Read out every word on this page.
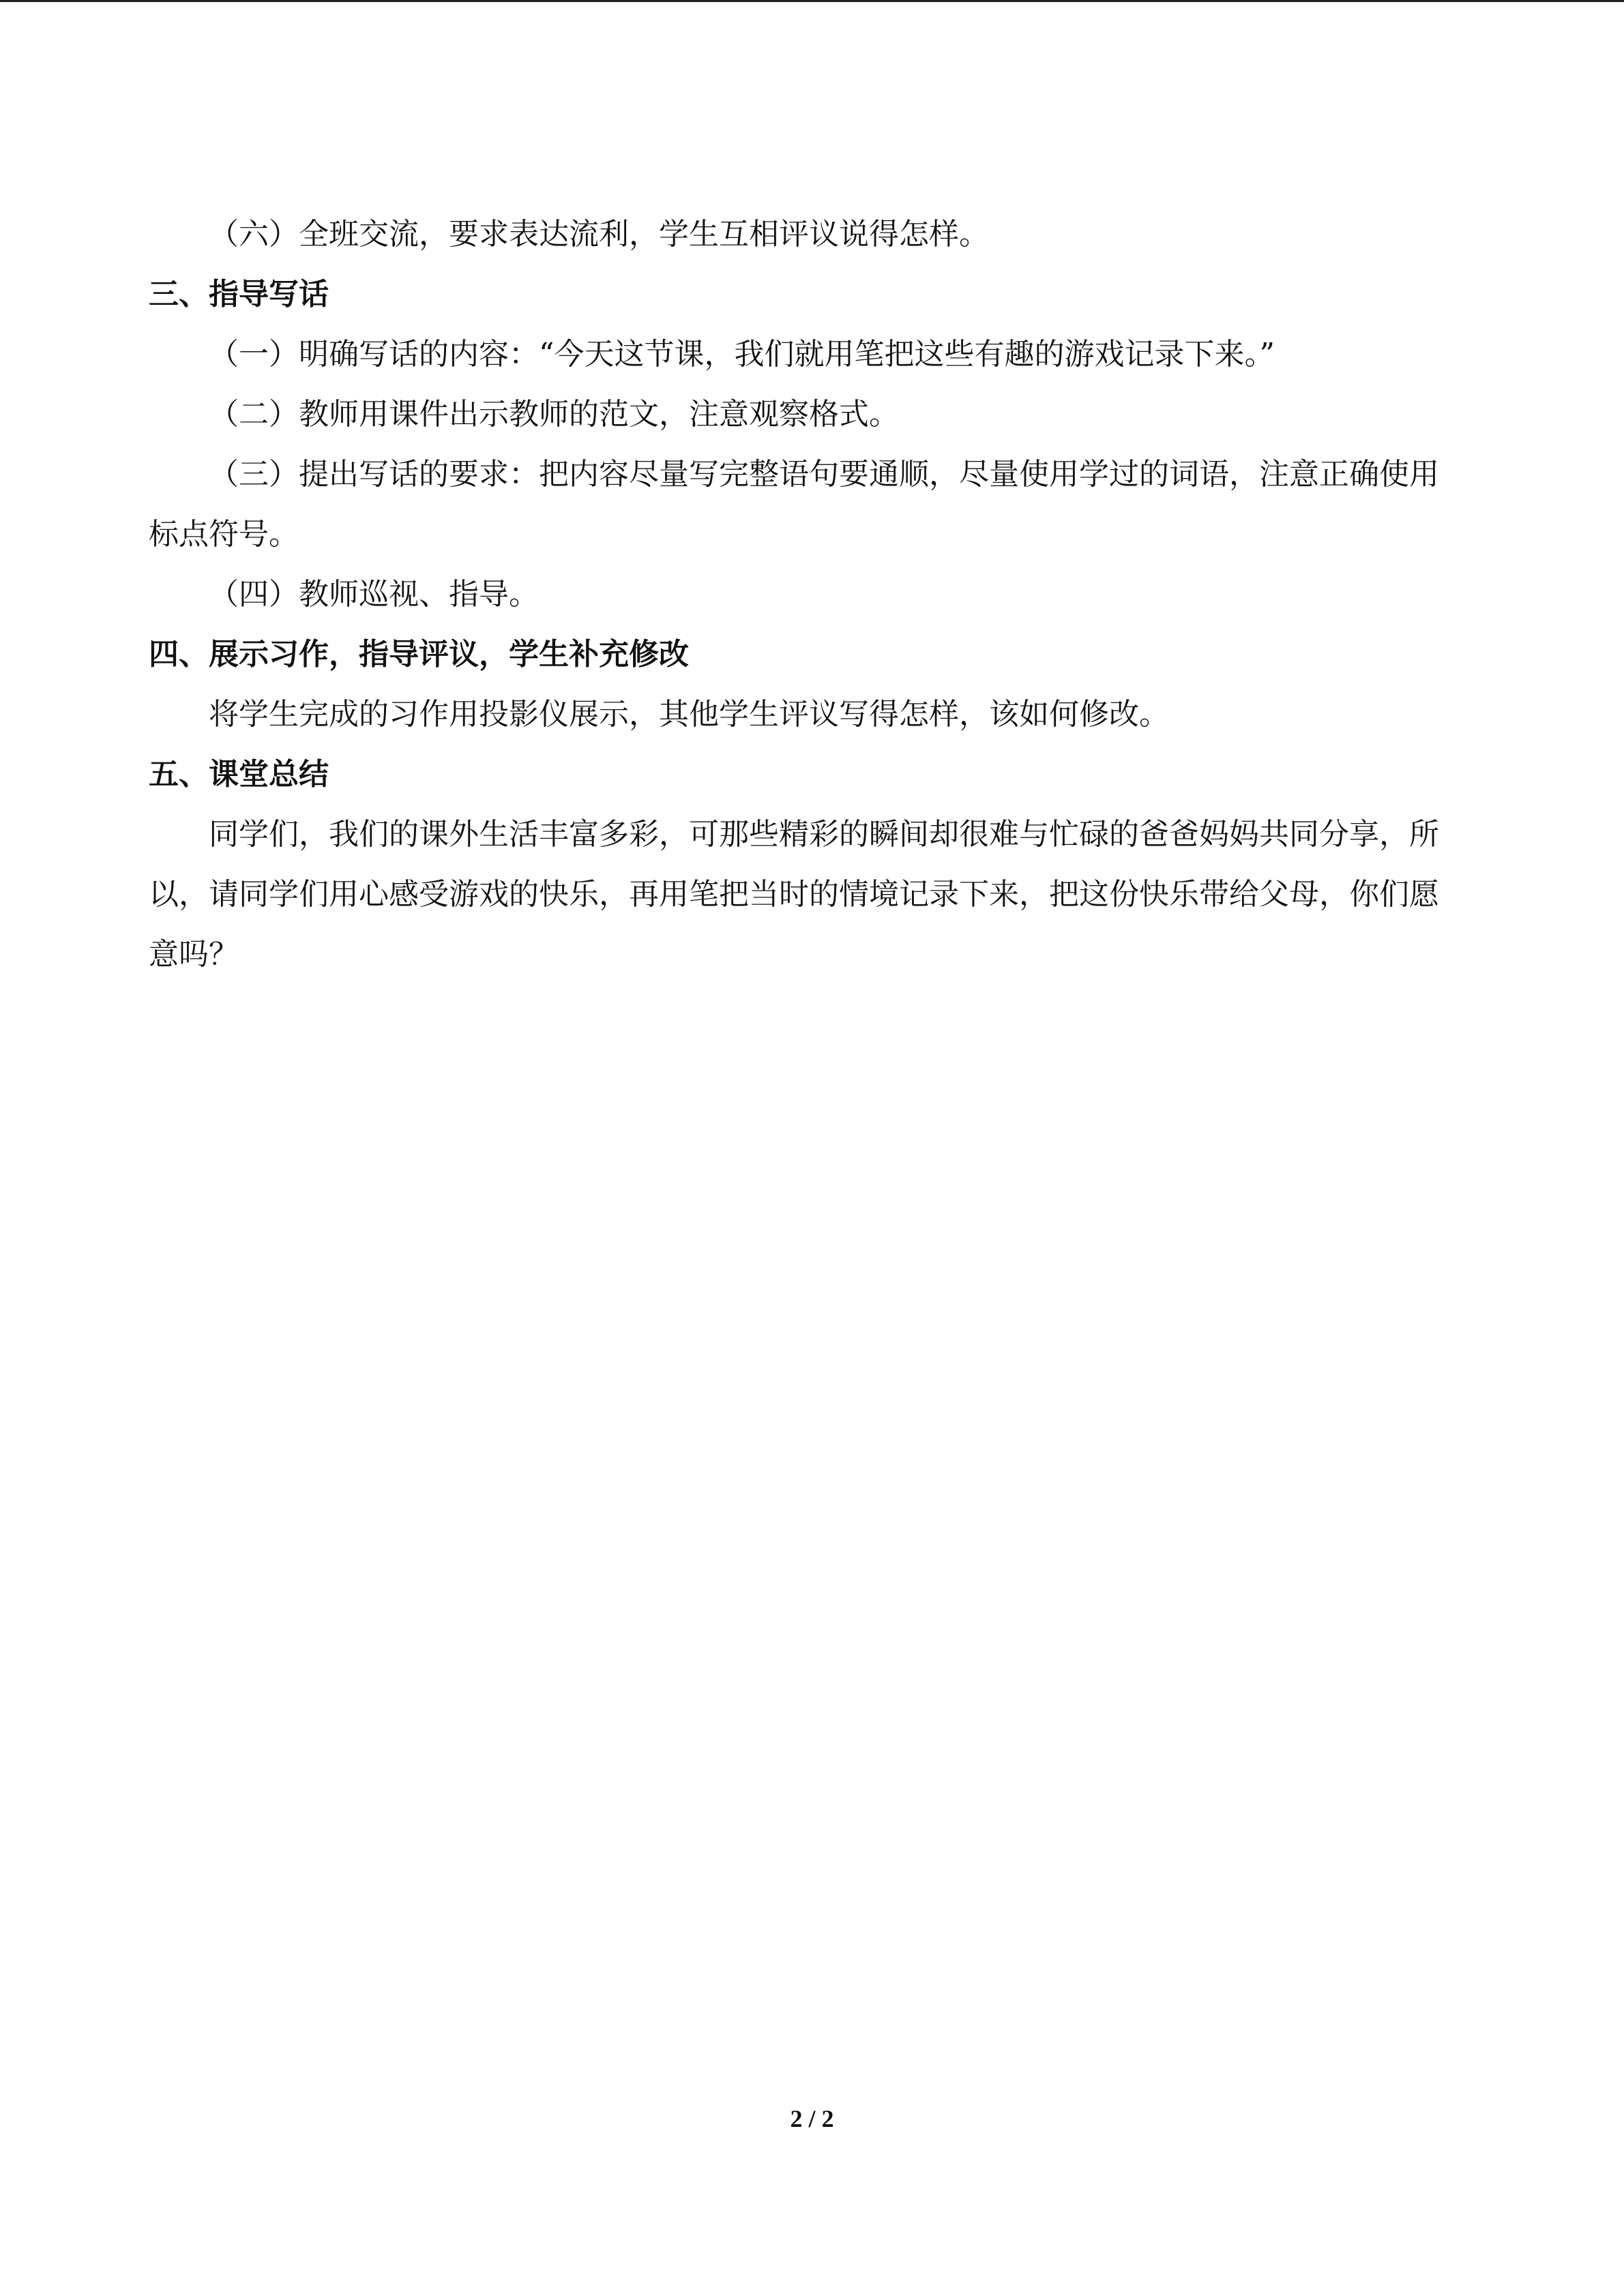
（六）全班交流，要求表达流利，学生互相评议说得怎样。

三、指导写话

（一）明确写话的内容：“今天这节课，我们就用笔把这些有趣的游戏记录下来。”

（二）教师用课件出示教师的范文，注意观察格式。

（三）提出写话的要求：把内容尽量写完整语句要通顺，尽量使用学过的词语，注意正确使用标点符号。

（四）教师巡视、指导。

四、展示习作，指导评议，学生补充修改

将学生完成的习作用投影仪展示，其他学生评议写得怎样，该如何修改。

五、课堂总结

同学们，我们的课外生活丰富多彩，可那些精彩的瞬间却很难与忙碌的爸爸妈妈共同分享，所以，请同学们用心感受游戏的快乐，再用笔把当时的情境记录下来，把这份快乐带给父母，你们愿意吗？

2 / 2
